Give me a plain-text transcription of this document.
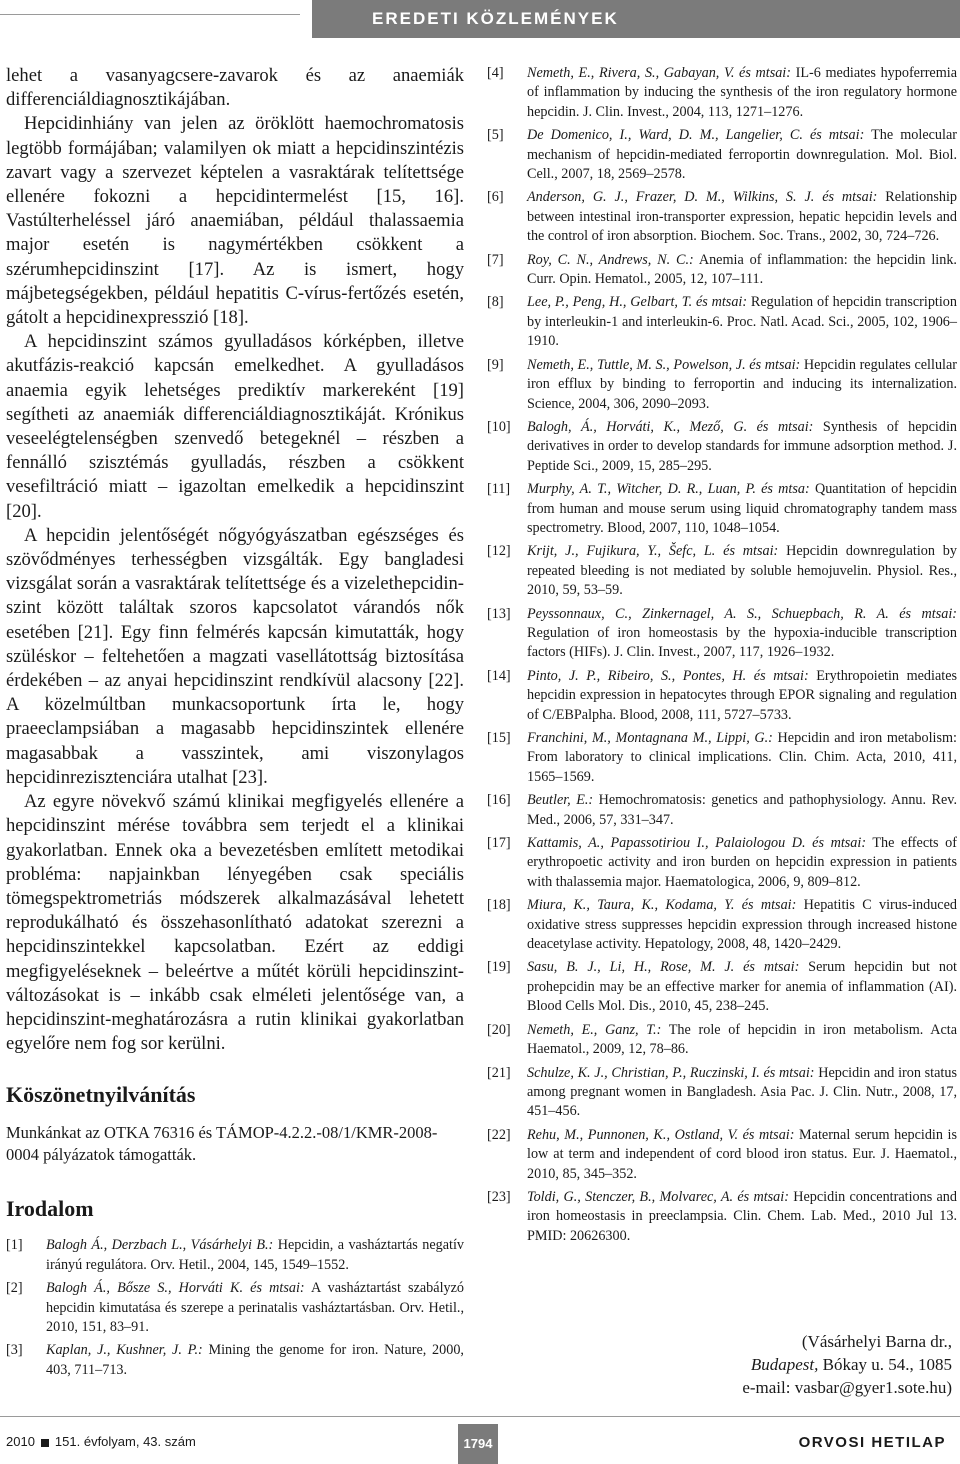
EREDETI KÖZLEMÉNYEK

lehet a vasanyagcsere-zavarok és az anaemiák differenciáldiagnosztikájában.

Hepcidinhiány van jelen az öröklött haemochromatosis legtöbb formájában; valamilyen ok miatt a hepcidinszintézis zavart vagy a szervezet képtelen a vasraktárak telítettsége ellenére fokozni a hepcidintermelést [15, 16]. Vastúlterheléssel járó anaemiában, például thalassaemia major esetén is nagymértékben csökkent a szérumhepcidinszint [17]. Az is ismert, hogy májbetegségekben, például hepatitis C-vírus-fertőzés esetén, gátolt a hepcidinexpresszió [18].

A hepcidinszint számos gyulladásos kórképben, illetve akutfázis-reakció kapcsán emelkedhet. A gyulladásos anaemia egyik lehetséges prediktív markereként [19] segítheti az anaemiák differenciáldiagnosztikáját. Krónikus veseelégtelenségben szenvedő betegeknél – részben a fennálló szisztémás gyulladás, részben a csökkent vesefiltráció miatt – igazoltan emelkedik a hepcidinszint [20].

A hepcidin jelentőségét nőgyógyászatban egészséges és szövődményes terhességben vizsgálták. Egy bangladesi vizsgálat során a vasraktárak telítettsége és a vizelethepcidin-szint között találtak szoros kapcsolatot várandós nők esetében [21]. Egy finn felmérés kapcsán kimutatták, hogy szüléskor – feltehetően a magzati vasellátottság biztosítása érdekében – az anyai hepcidinszint rendkívül alacsony [22]. A közelmúltban munkacsoportunk írta le, hogy praeeclampsiában a magasabb hepcidinszintek ellenére magasabbak a vasszintek, ami viszonylagos hepcidinrezisztenciára utalhat [23].

Az egyre növekvő számú klinikai megfigyelés ellenére a hepcidinszint mérése továbbra sem terjedt el a klinikai gyakorlatban. Ennek oka a bevezetésben említett metodikai probléma: napjainkban lényegében csak speciális tömegspektrometriás módszerek alkalmazásával lehetett reprodukálható és összehasonlítható adatokat szerezni a hepcidinszintekkel kapcsolatban. Ezért az eddigi megfigyeléseknek – beleértve a műtét körüli hepcidinszint-változásokat is – inkább csak elméleti jelentősége van, a hepcidinszint-meghatározásra a rutin klinikai gyakorlatban egyelőre nem fog sor kerülni.

Köszönetnyilvánítás

Munkánkat az OTKA 76316 és TÁMOP-4.2.2.-08/1/KMR-2008-0004 pályázatok támogatták.

Irodalom
[1]	Balogh Á., Derzbach L., Vásárhelyi B.: Hepcidin, a vasháztartás negatív irányú regulátora. Orv. Hetil., 2004, 145, 1549–1552.
[2]	Balogh Á., Bősze S., Horváti K. és mtsai: A vasháztartást szabályzó hepcidin kimutatása és szerepe a perinatalis vasháztartásban. Orv. Hetil., 2010, 151, 83–91.
[3]	Kaplan, J., Kushner, J. P.: Mining the genome for iron. Nature, 2000, 403, 711–713.
[4]	Nemeth, E., Rivera, S., Gabayan, V. és mtsai: IL-6 mediates hypoferremia of inflammation by inducing the synthesis of the iron regulatory hormone hepcidin. J. Clin. Invest., 2004, 113, 1271–1276.
[5]	De Domenico, I., Ward, D. M., Langelier, C. és mtsai: The molecular mechanism of hepcidin-mediated ferroportin downregulation. Mol. Biol. Cell., 2007, 18, 2569–2578.
[6]	Anderson, G. J., Frazer, D. M., Wilkins, S. J. és mtsai: Relationship between intestinal iron-transporter expression, hepatic hepcidin levels and the control of iron absorption. Biochem. Soc. Trans., 2002, 30, 724–726.
[7]	Roy, C. N., Andrews, N. C.: Anemia of inflammation: the hepcidin link. Curr. Opin. Hematol., 2005, 12, 107–111.
[8]	Lee, P., Peng, H., Gelbart, T. és mtsai: Regulation of hepcidin transcription by interleukin-1 and interleukin-6. Proc. Natl. Acad. Sci., 2005, 102, 1906–1910.
[9]	Nemeth, E., Tuttle, M. S., Powelson, J. és mtsai: Hepcidin regulates cellular iron efflux by binding to ferroportin and inducing its internalization. Science, 2004, 306, 2090–2093.
[10]	Balogh, Á., Horváti, K., Mező, G. és mtsai: Synthesis of hepcidin derivatives in order to develop standards for immune adsorption method. J. Peptide Sci., 2009, 15, 285–295.
[11]	Murphy, A. T., Witcher, D. R., Luan, P. és mtsa: Quantitation of hepcidin from human and mouse serum using liquid chromatography tandem mass spectrometry. Blood, 2007, 110, 1048–1054.
[12]	Krijt, J., Fujikura, Y., Šefc, L. és mtsai: Hepcidin downregulation by repeated bleeding is not mediated by soluble hemojuvelin. Physiol. Res., 2010, 59, 53–59.
[13]	Peyssonnaux, C., Zinkernagel, A. S., Schuepbach, R. A. és mtsai: Regulation of iron homeostasis by the hypoxia-inducible transcription factors (HIFs). J. Clin. Invest., 2007, 117, 1926–1932.
[14]	Pinto, J. P., Ribeiro, S., Pontes, H. és mtsai: Erythropoietin mediates hepcidin expression in hepatocytes through EPOR signaling and regulation of C/EBPalpha. Blood, 2008, 111, 5727–5733.
[15]	Franchini, M., Montagnana M., Lippi, G.: Hepcidin and iron metabolism: From laboratory to clinical implications. Clin. Chim. Acta, 2010, 411, 1565–1569.
[16]	Beutler, E.: Hemochromatosis: genetics and pathophysiology. Annu. Rev. Med., 2006, 57, 331–347.
[17]	Kattamis, A., Papassotiriou I., Palaiologou D. és mtsai: The effects of erythropoetic activity and iron burden on hepcidin expression in patients with thalassemia major. Haematologica, 2006, 9, 809–812.
[18]	Miura, K., Taura, K., Kodama, Y. és mtsai: Hepatitis C virus-induced oxidative stress suppresses hepcidin expression through increased histone deacetylase activity. Hepatology, 2008, 48, 1420–2429.
[19]	Sasu, B. J., Li, H., Rose, M. J. és mtsai: Serum hepcidin but not prohepcidin may be an effective marker for anemia of inflammation (AI). Blood Cells Mol. Dis., 2010, 45, 238–245.
[20]	Nemeth, E., Ganz, T.: The role of hepcidin in iron metabolism. Acta Haematol., 2009, 12, 78–86.
[21]	Schulze, K. J., Christian, P., Ruczinski, I. és mtsai: Hepcidin and iron status among pregnant women in Bangladesh. Asia Pac. J. Clin. Nutr., 2008, 17, 451–456.
[22]	Rehu, M., Punnonen, K., Ostland, V. és mtsai: Maternal serum hepcidin is low at term and independent of cord blood iron status. Eur. J. Haematol., 2010, 85, 345–352.
[23]	Toldi, G., Stenczer, B., Molvarec, A. és mtsai: Hepcidin concentrations and iron homeostasis in preeclampsia. Clin. Chem. Lab. Med., 2010 Jul 13. PMID: 20626300.
(Vásárhelyi Barna dr.,
Budapest, Bókay u. 54., 1085
e-mail: vasbar@gyer1.sote.hu)
2010 151. évfolyam, 43. szám	1794	ORVOSI HETILAP
